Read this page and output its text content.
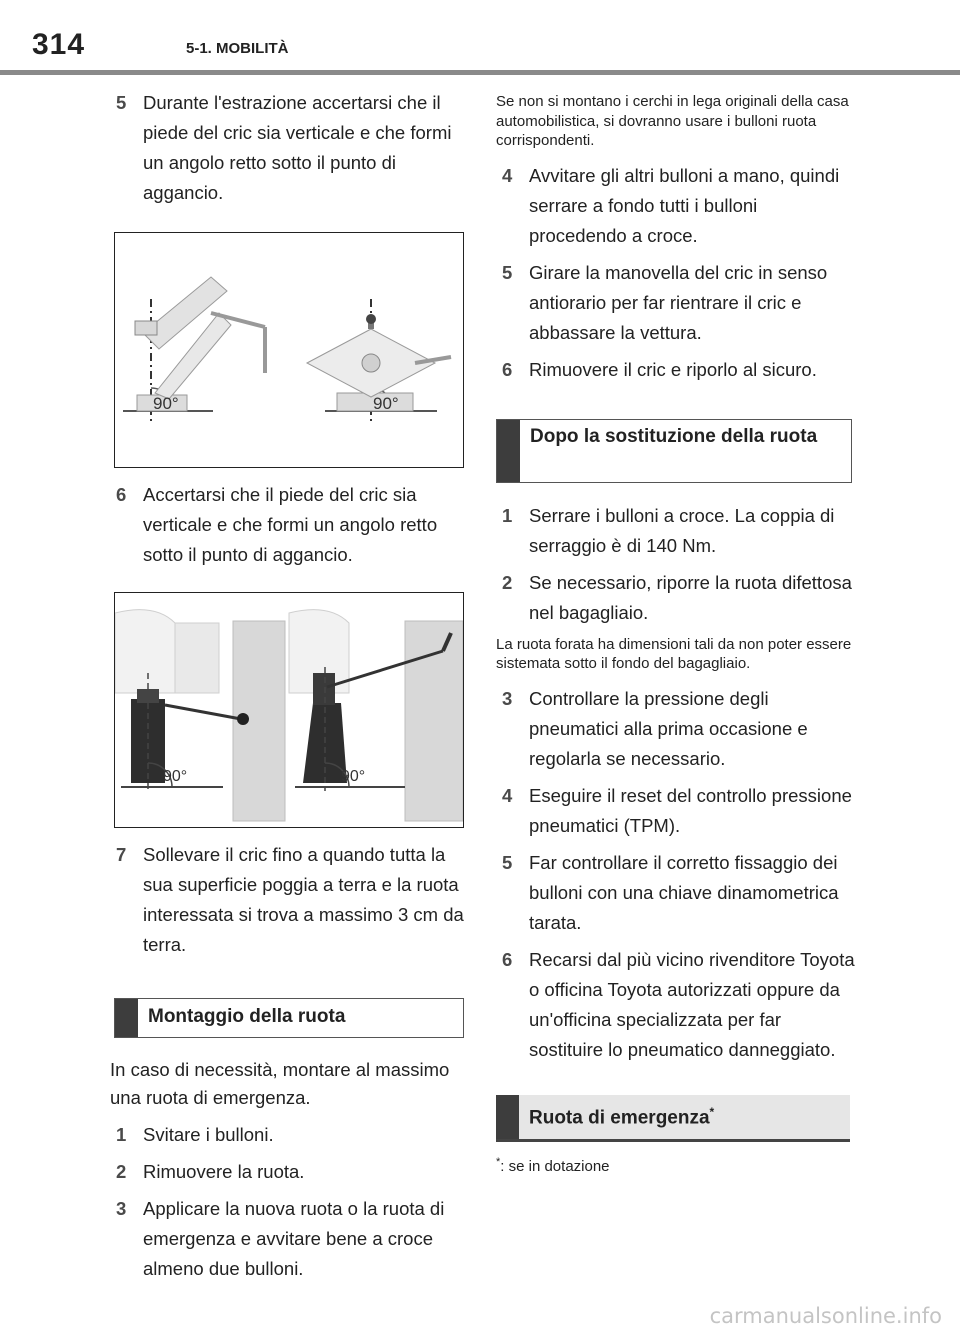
314	5-1. MOBILITÀ
5 Durante l'estrazione accertarsi che il piede del cric sia verticale e che formi un angolo retto sotto il punto di aggancio.
90°	90°
6 Accertarsi che il piede del cric sia verticale e che formi un angolo retto sotto il punto di aggancio.
90°	90°
7 Sollevare il cric fino a quando tutta la sua superficie poggia a terra e la ruota interessata si trova a massimo 3 cm da terra.
Montaggio della ruota
In caso di necessità, montare al massimo una ruota di emergenza.
1 Svitare i bulloni.
2 Rimuovere la ruota.
3 Applicare la nuova ruota o la ruota di emergenza e avvitare bene a croce almeno due bulloni.
Se non si montano i cerchi in lega originali della casa automobilistica, si dovranno usare i bulloni ruota corrispondenti.
4 Avvitare gli altri bulloni a mano, quindi serrare a fondo tutti i bulloni procedendo a croce.
5 Girare la manovella del cric in senso antiorario per far rientrare il cric e abbassare la vettura.
6 Rimuovere il cric e riporlo al sicuro.
Dopo la sostituzione della ruota
1 Serrare i bulloni a croce. La coppia di serraggio è di 140 Nm.
2 Se necessario, riporre la ruota difettosa nel bagagliaio.
La ruota forata ha dimensioni tali da non poter essere sistemata sotto il fondo del bagagliaio.
3 Controllare la pressione degli pneumatici alla prima occasione e regolarla se necessario.
4 Eseguire il reset del controllo pressione pneumatici (TPM).
5 Far controllare il corretto fissaggio dei bulloni con una chiave dinamometrica tarata.
6 Recarsi dal più vicino rivenditore Toyota o officina Toyota autorizzati oppure da un'officina specializzata per far sostituire lo pneumatico danneggiato.
Ruota di emergenza*
*: se in dotazione
carmanualsonline.info
